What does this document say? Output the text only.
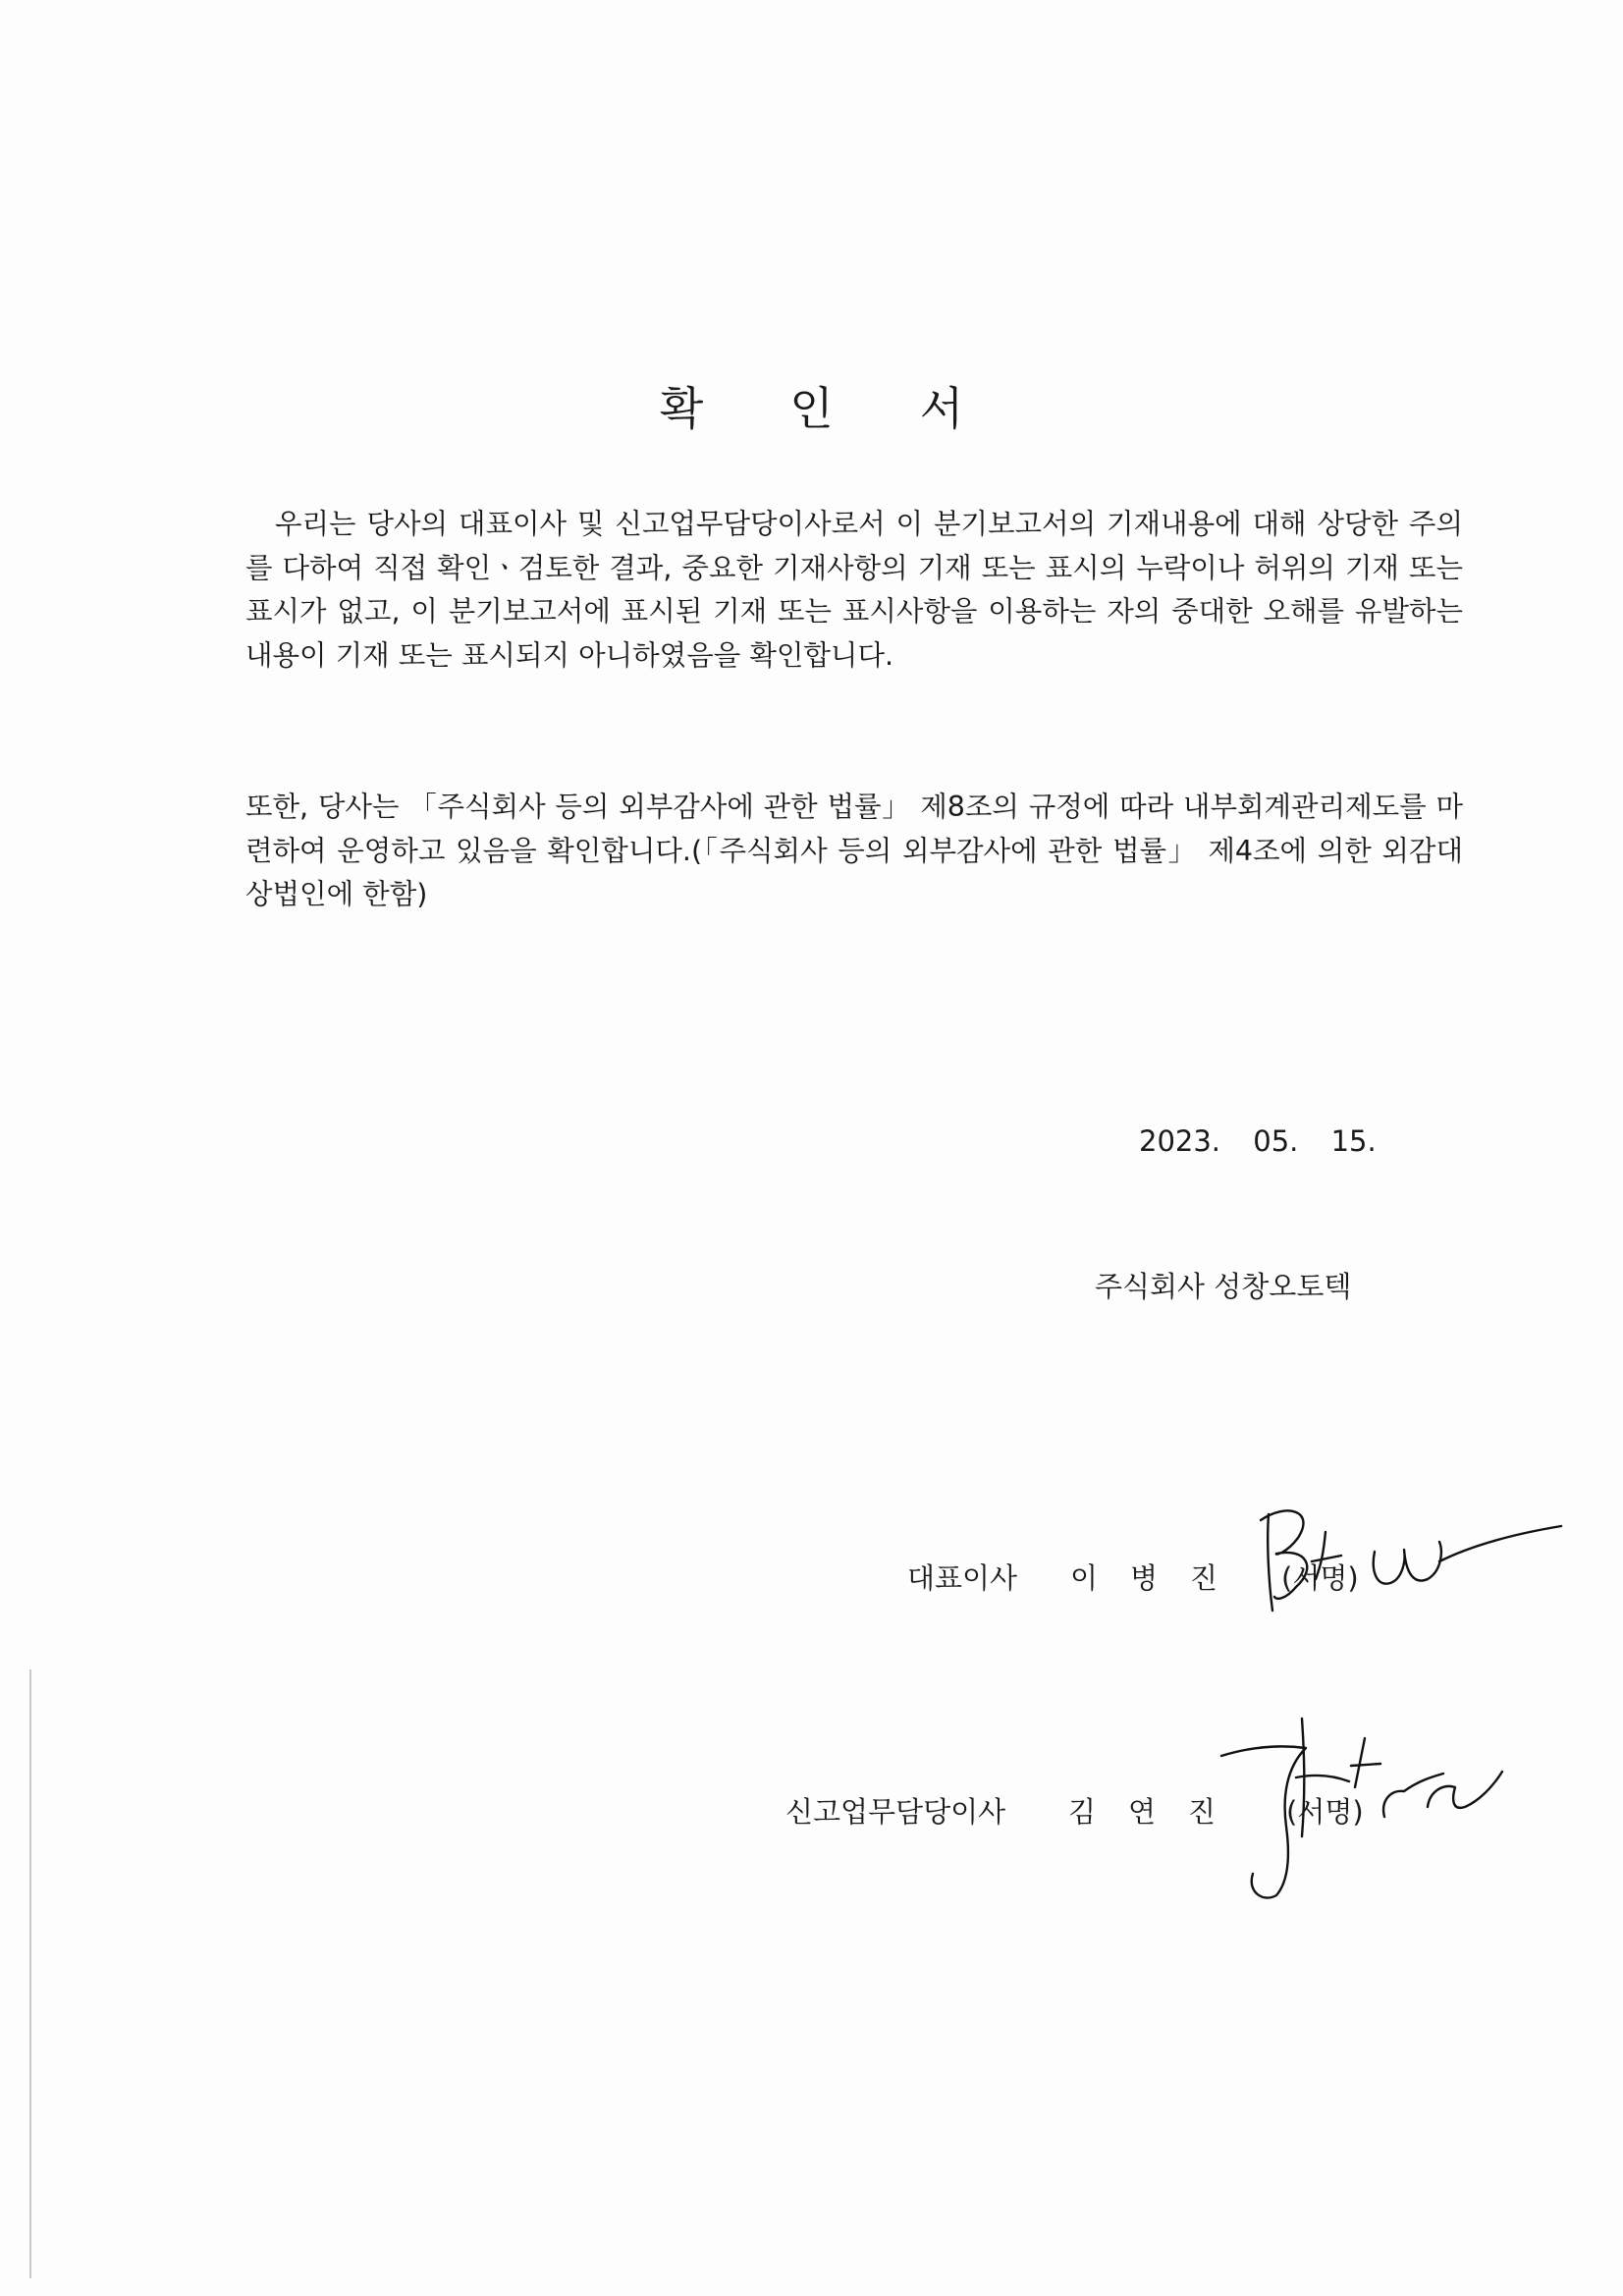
확 인 서

우리는 당사의 대표이사 및 신고업무담당이사로서 이 분기보고서의 기재내용에 대해 상당한 주의를 다하여 직접 확인ㆍ검토한 결과, 중요한 기재사항의 기재 또는 표시의 누락이나 허위의 기재 또는 표시가 없고, 이 분기보고서에 표시된 기재 또는 표시사항을 이용하는 자의 중대한 오해를 유발하는 내용이 기재 또는 표시되지 아니하였음을 확인합니다.

또한, 당사는 「주식회사 등의 외부감사에 관한 법률」 제8조의 규정에 따라 내부회계관리제도를 마련하여 운영하고 있음을 확인합니다.(「주식회사 등의 외부감사에 관한 법률」 제4조에 의한 외감대상법인에 한함)

2023. 05. 15.
주식회사 성창오토텍
대표이사 이 병 진	(서명)
신고업무담당이사 김 연 진	(서명)
